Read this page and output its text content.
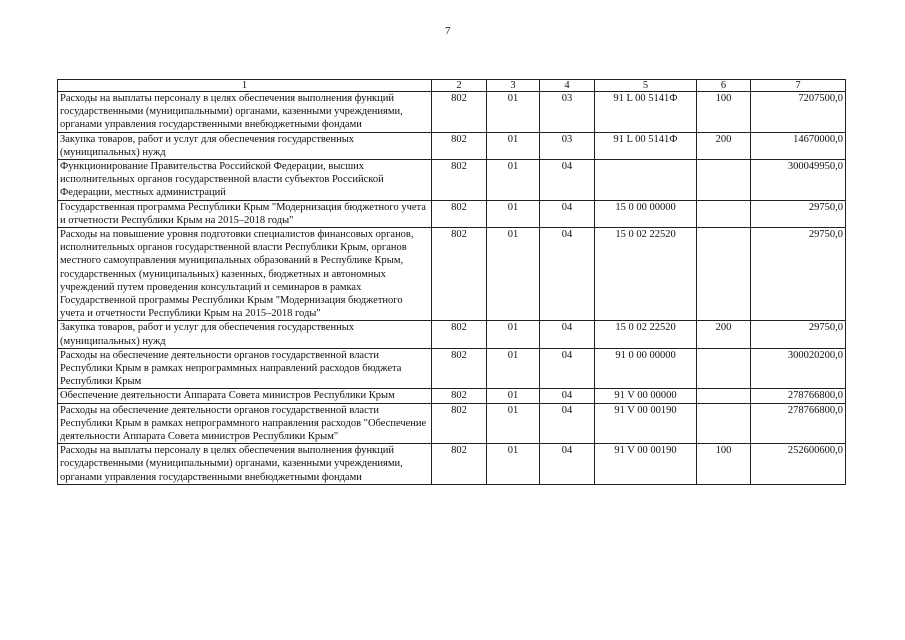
7
1	2	3	4	5	6	7
Расходы на выплаты персоналу в целях обеспечения выполнения функций государственными (муниципальными) органами, казенными учреждениями, органами управления государственными внебюджетными фондами	802	01	03	91 L 00 5141Ф	100	7207500,0
Закупка товаров, работ и услуг для обеспечения государственных (муниципальных) нужд	802	01	03	91 L 00 5141Ф	200	14670000,0
Функционирование Правительства Российской Федерации, высших исполнительных органов государственной власти субъектов Российской Федерации, местных администраций	802	01	04			300049950,0
Государственная программа Республики Крым "Модернизация бюджетного учета и отчетности Республики Крым на 2015–2018 годы"	802	01	04	15 0 00 00000		29750,0
Расходы на повышение уровня подготовки специалистов финансовых органов, исполнительных органов государственной власти Республики Крым, органов местного самоуправления муниципальных образований в Республике Крым, государственных (муниципальных) казенных, бюджетных и автономных учреждений путем проведения консультаций и семинаров в рамках Государственной программы Республики Крым "Модернизация бюджетного учета и отчетности Республики Крым на 2015–2018 годы"	802	01	04	15 0 02 22520		29750,0
Закупка товаров, работ и услуг для обеспечения государственных (муниципальных) нужд	802	01	04	15 0 02 22520	200	29750,0
Расходы на обеспечение деятельности органов государственной власти Республики Крым в рамках непрограммных направлений расходов бюджета Республики Крым	802	01	04	91 0 00 00000		300020200,0
Обеспечение деятельности Аппарата Совета министров Республики Крым	802	01	04	91 V 00 00000		278766800,0
Расходы на обеспечение деятельности органов государственной власти Республики Крым в рамках непрограммного направления расходов "Обеспечение деятельности Аппарата Совета министров Республики Крым"	802	01	04	91 V 00 00190		278766800,0
Расходы на выплаты персоналу в целях обеспечения выполнения функций государственными (муниципальными) органами, казенными учреждениями, органами управления государственными внебюджетными фондами	802	01	04	91 V 00 00190	100	252600600,0
